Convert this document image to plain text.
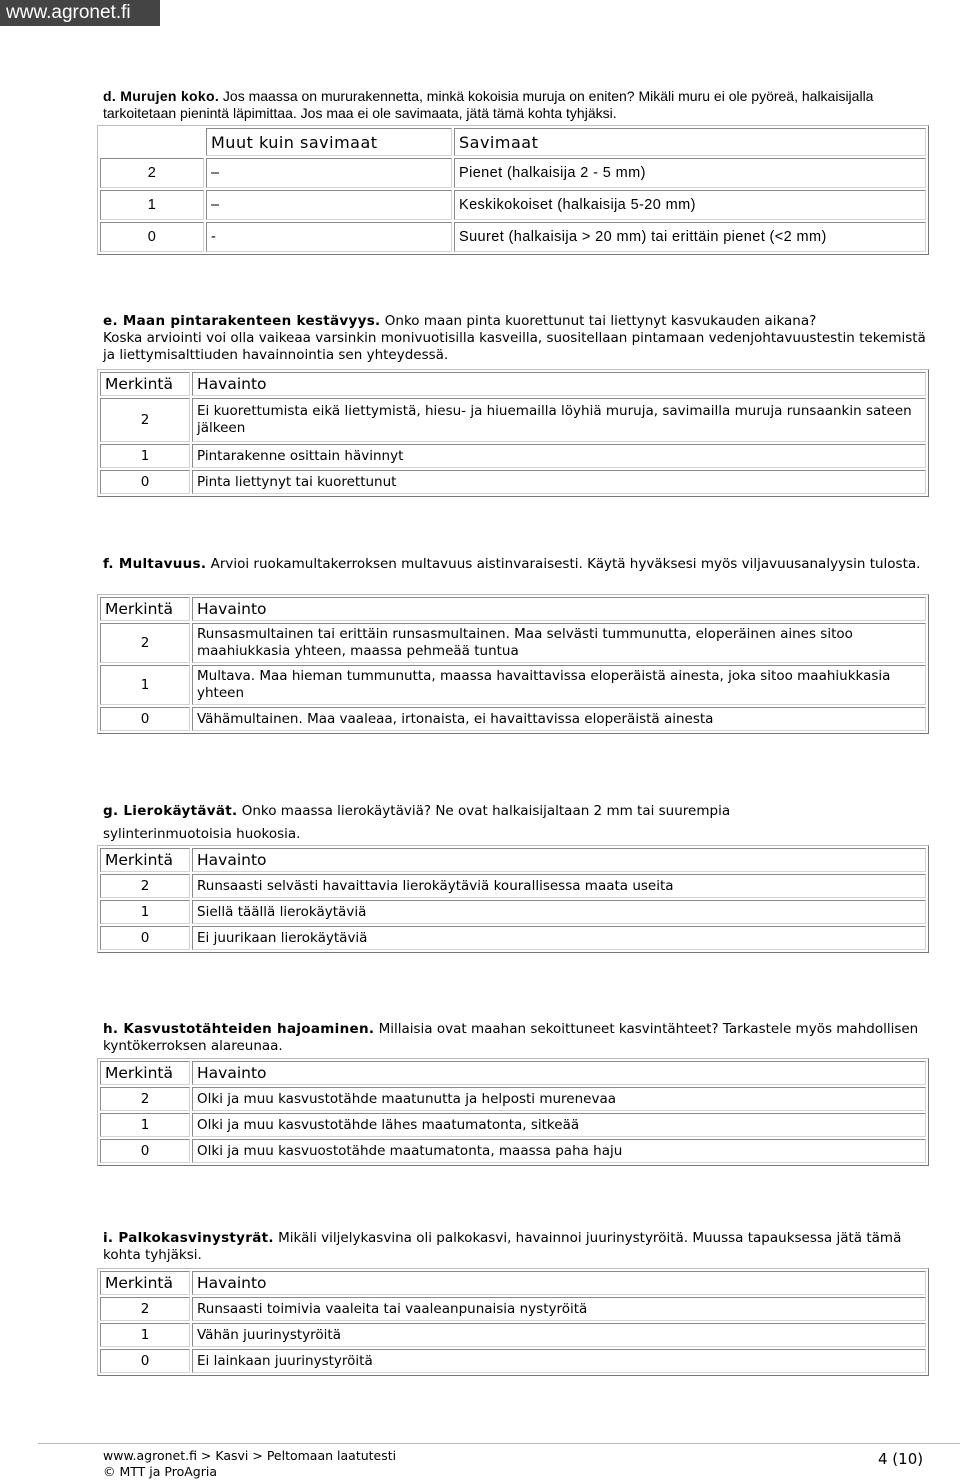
www.agronet.fi
d. Murujen koko. Jos maassa on mururakennetta, minkä kokoisia muruja on eniten? Mikäli muru ei ole pyöreä, halkaisijalla tarkoitetaan pienintä läpimittaa. Jos maa ei ole savimaata, jätä tämä kohta tyhjäksi.
	Muut kuin savimaat	Savimaat
2	–	Pienet (halkaisija 2 - 5 mm)
1	–	Keskikokoiset (halkaisija 5-20 mm)
0	-	Suuret (halkaisija > 20 mm) tai erittäin pienet (<2 mm)
e. Maan pintarakenteen kestävyys. Onko maan pinta kuorettunut tai liettynyt kasvukauden aikana?
Koska arviointi voi olla vaikeaa varsinkin monivuotisilla kasveilla, suositellaan pintamaan vedenjohtavuustestin tekemistä ja liettymisalttiuden havainnointia sen yhteydessä.
Merkintä	Havainto
2	Ei kuorettumista eikä liettymistä, hiesu- ja hiuemailla löyhiä muruja, savimailla muruja runsaankin sateen jälkeen
1	Pintarakenne osittain hävinnyt
0	Pinta liettynyt tai kuorettunut
f. Multavuus. Arvioi ruokamultakerroksen multavuus aistinvaraisesti. Käytä hyväksesi myös viljavuusanalyysin tulosta.
Merkintä	Havainto
2	Runsasmultainen tai erittäin runsasmultainen. Maa selvästi tummunutta, eloperäinen aines sitoo maahiukkasia yhteen, maassa pehmeää tuntua
1	Multava. Maa hieman tummunutta, maassa havaittavissa eloperäistä ainesta, joka sitoo maahiukkasia yhteen
0	Vähämultainen. Maa vaaleaa, irtonaista, ei havaittavissa eloperäistä ainesta
g. Lierokäytävät. Onko maassa lierokäytäviä? Ne ovat halkaisijaltaan 2 mm tai suurempia
sylinterinmuotoisia huokosia.
Merkintä	Havainto
2	Runsaasti selvästi havaittavia lierokäytäviä kourallisessa maata useita
1	Siellä täällä lierokäytäviä
0	Ei juurikaan lierokäytäviä
h. Kasvustotähteiden hajoaminen. Millaisia ovat maahan sekoittuneet kasvintähteet? Tarkastele myös mahdollisen kyntökerroksen alareunaa.
Merkintä	Havainto
2	Olki ja muu kasvustotähde maatunutta ja helposti murenevaa
1	Olki ja muu kasvustotähde lähes maatumatonta, sitkeää
0	Olki ja muu kasvuostotähde maatumatonta, maassa paha haju
i. Palkokasvinystyrät. Mikäli viljelykasvina oli palkokasvi, havainnoi juurinystyröitä. Muussa tapauksessa jätä tämä kohta tyhjäksi.
Merkintä	Havainto
2	Runsaasti toimivia vaaleita tai vaaleanpunaisia nystyröitä
1	Vähän juurinystyröitä
0	Ei lainkaan juurinystyröitä
www.agronet.fi > Kasvi > Peltomaan laatutesti
© MTT ja ProAgria
4 (10)
